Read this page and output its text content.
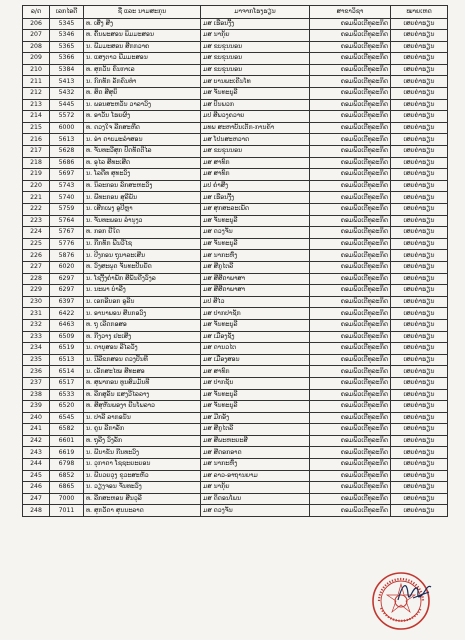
ລ/ດ	ເລກໄອດີ	ຊື່ ແລະ ນາມສະກຸນ	ມາຈາກໂຮງຮຽນ	ສາຂາວິຊາ	ໝາຍເຫດ
206	5345	ທ. ເສີ່ງ ສີງ	ມສ ເຮືອນງີ້ງ	ຄອມພິວເຕີທຸລະກິດ	ເສຍຄ່າຮຽນ
207	5346	ທ. ຄົ້ນພະສອນ ພິມມະສອນ	ມສ ນາກຸ້ຍ	ຄອມພິວເຕີທຸລະກິດ	ເສຍຄ່າຮຽນ
208	5365	ນ. ພີມມະສອນ ສີກກວາຄ	ມສ ຂບຂຸນນອນ	ຄອມພິວເຕີທຸລະກິດ	ເສຍຄ່າຮຽນ
209	5366	ນ. ແສງຕາວ ພີມມະສອນ	ມສ ຂບຂຸນນອນ	ຄອມພິວເຕີທຸລະກິດ	ເສຍຄ່າຮຽນ
210	5384	ທ. ສຸກວັນ ຄົນກາເລ	ມສ ຂບຂຸນນອນ	ຄອມພິວເຕີທຸລະກິດ	ເສຍຄ່າຮຽນ
211	5413	ນ. ກົກທັກ ລັກຄົນທຳ	ມສ ບານພະເຄີນໂທ	ຄອມພິວເຕີທຸລະກິດ	ເສຍຄ່າຮຽນ
212	5432	ທ. ສິດ ສີສຸຍິ	ມສ ຈັນທະບູລີ	ຄອມພິວເຕີທຸລະກິດ	ເສຍຄ່າຮຽນ
213	5445	ນ. ພອນສະຫວັນ ວາລາວົງ	ມສ ປົນພວກ	ຄອມພິວເຕີທຸລະກິດ	ເສຍຄ່າຮຽນ
214	5572	ທ. ອາວັນ ໂຮຍຜົງ	ມປ ສີພວງຄວາຍ	ຄອມພິວເຕີທຸລະກິດ	ເສຍຄ່າຮຽນ
215	6000	ທ. ດວງໃຈ ລີກສະຫີດ	ມທພ ສະຫາບັນເຕັກ-ການຄ້າ	ຄອມພິວເຕີທຸລະກິດ	ເສຍຄ່າຮຽນ
216	5613	ນ. ອ່າ ດາບມະລຳສອນ	ມສ ໂປນສະຫວາດ	ຄອມພິວເຕີທຸລະກິດ	ເສຍຄ່າຮຽນ
217	5628	ທ. ຈັນທະວີສຸກ ປົດທັດຕີໄລ	ມສ ຂບຂຸນນອນ	ຄອມພິວເຕີທຸລະກິດ	ເສຍຄ່າຮຽນ
218	5686	ທ. ອຸໄລ ສີທະເສີດ	ມສ ສາທົກ	ຄອມພິວເຕີທຸລະກິດ	ເສຍຄ່າຮຽນ
219	5697	ນ. ໂລດີທ ສຸທະວົງ	ມສ ສາທົກ	ຄອມພິວເຕີທຸລະກິດ	ເສຍຄ່າຮຽນ
220	5743	ທ. ນິລະກອນ ລົກສະຫະວົງ	ມປ ຄຳສີງ	ຄອມພິວເຕີທຸລະກິດ	ເສຍຄ່າຮຽນ
221	5740	ນ. ພີທະກອນ ສຸລີພັນ	ມສ ເຮືອນງີ້ງ	ຄອມພິວເຕີທຸລະກິດ	ເສຍຄ່າຮຽນ
222	5759	ນ. ເສີກເພງ ອູປີຫຼາ	ມສ ສຸກສະລະເພັດ	ຄອມພິວເຕີທຸລະກິດ	ເສຍຄ່າຮຽນ
223	5764	ນ. ຈັນທະພອນ ລຳນຸງວ	ມສ ຈັນທະບູລີ	ຄອມພິວເຕີທຸລະກິດ	ເສຍຄ່າຮຽນ
224	5767	ທ. ກອກ ຍີໃດ	ມສ ດວງຈັນ	ຄອມພິວເຕີທຸລະກິດ	ເສຍຄ່າຮຽນ
225	5776	ນ. ກີກທັກ ພີນວີໄຊ	ມສ ຈັນທະບູລີ	ຄອມພິວເຕີທຸລະກິດ	ເສຍຄ່າຮຽນ
226	5876	ນ. ປີງກອນ ຖຸນາລະເສີນ	ມສ ນາກະຫົ່ງ	ຄອມພິວເຕີທຸລະກິດ	ເສຍຄ່າຮຽນ
227	6020	ທ. ວົງສະພຸດ ຈັນທະປັນຍັດ	ມສ ສີກູໄຕລີ	ຄອມພິວເຕີທຸລະກິດ	ເສຍຄ່າຮຽນ
228	6297	ນ. ໂຊງີ້ງຄຳພັກ ສີພັນດີງວົງລ	ມສ ສີສີດາພາສາ	ຄອມພິວເຕີທຸລະກິດ	ເສຍຄ່າຮຽນ
229	6297	ນ. ນະພາ ບໍາລີງ	ມສ ສີສີດາພາສາ	ຄອມພິວເຕີທຸລະກິດ	ເສຍຄ່າຮຽນ
230	6397	ນ. ເອກອີນອກ ອູລີນ	ມປ ສີໄວ	ຄອມພິວເຕີທຸລະກິດ	ເສຍຄ່າຮຽນ
231	6422	ນ. ອານາພອນ ສີນກອວົງ	ມສ ປາກປາຊັກ	ຄອມພິວເຕີທຸລະກິດ	ເສຍຄ່າຮຽນ
232	6463	ທ. ຖຸ ເລີດກອສອ	ມສ ຈັນທະບູລີ	ຄອມພິວເຕີທຸລະກິດ	ເສຍຄ່າຮຽນ
233	6509	ທ. ກີງວາງ ຢະເສີງ	ມສ ເມືອງຊັງ	ຄອມພິວເຕີທຸລະກິດ	ເສຍຄ່າຮຽນ
234	6519	ນ. ດາບຸສອນ ລີໄລວັງ	ມສ ດານວໄຕ	ຄອມພິວເຕີທຸລະກິດ	ເສຍຄ່າຮຽນ
235	6513	ນ. ນີລີຂກສອນ ດວງປັນທີ	ມສ ເມືອງສອນ	ຄອມພິວເຕີທຸລະກິດ	ເສຍຄ່າຮຽນ
236	6514	ນ. ເລັກສະໄໝ ສີທະສອ	ມສ ສາທົກ	ຄອມພິວເຕີທຸລະກິດ	ເສຍຄ່າຮຽນ
237	6517	ທ. ສຸພາກອນ ທູນສົມມັນທີ	ມສ ປາກຊັນ	ຄອມພິວເຕີທຸລະກິດ	ເສຍຄ່າຮຽນ
238	6533	ທ. ລີກສູລັນ ແສງວີໄລລາງ	ມສ ຈັນທະບູລີ	ຄອມພິວເຕີທຸລະກິດ	ເສຍຄ່າຮຽນ
239	6520	ທ. ສີສຸຫັນພອງາ ຍີນໂພລາວ	ມສ ຈັນທະບູລີ	ຄອມພິວເຕີທຸລະກິດ	ເສຍຄ່າຮຽນ
240	6545	ນ. ປາລີ ລາກອນັນ	ມສ ມີກອັງ	ຄອມພິວເຕີທຸລະກິດ	ເສຍຄ່າຮຽນ
241	6582	ນ. ຄູນ ລີກາລັກ	ມສ ສີກູໄຕລີ	ຄອມພິວເຕີທຸລະກິດ	ເສຍຄ່າຮຽນ
242	6601	ທ. ຖຸລີງ ວົງລັກ	ມສ ສີພະຫະຍະສີ	ຄອມພິວເຕີທຸລະກິດ	ເສຍຄ່າຮຽນ
243	6619	ນ. ພີນາຂັນ ກີນທະວົງ	ມສ ສີດອກອາດ	ຄອມພິວເຕີທຸລະກິດ	ເສຍຄ່າຮຽນ
244	6798	ນ. ວຸກາດາ ໂຊຊະຍະຍອນ	ມສ ນາກະຫົ່ງ	ຄອມພິວເຕີທຸລະກິດ	ເສຍຄ່າຮຽນ
245	6852	ນ. ພີນວຍວຸງ ຂຸວະສະຫັວ	ມສ ລາວ-ອາຖານຍາມ	ຄອມພິວເຕີທຸລະກິດ	ເສຍຄ່າຮຽນ
246	6865	ນ. ວຽງຈອນ ຈັນທະວົງ	ມສ ນາກຸ້ຍ	ຄອມພິວເຕີທຸລະກິດ	ເສຍຄ່າຮຽນ
247	7000	ທ. ລີກສະຫອນ ສີນວຸລີ	ມສ ດິດອນໂພນ	ຄອມພິວເຕີທຸລະກິດ	ເສຍຄ່າຮຽນ
248	7011	ທ. ສຸກວັດາ ສຸນນະລາດ	ມສ ດວງຈັນ	ຄອມພິວເຕີທຸລະກິດ	ເສຍຄ່າຮຽນ
